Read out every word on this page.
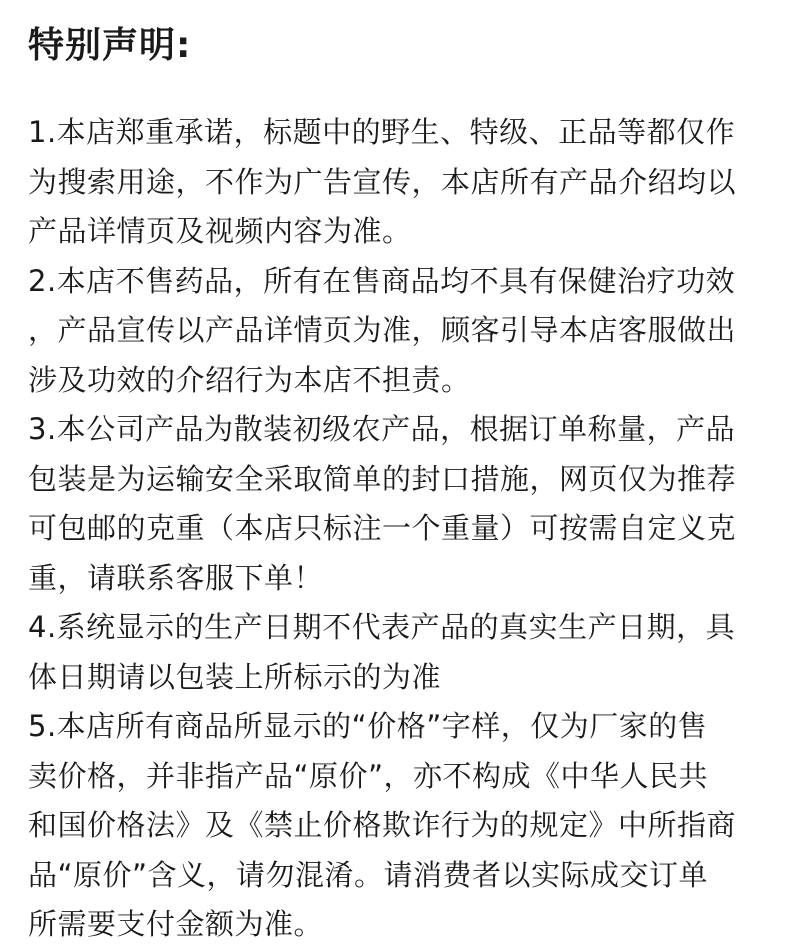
特别声明:
1.本店郑重承诺，标题中的野生、特级、正品等都仅作
为搜索用途，不作为广告宣传，本店所有产品介绍均以
产品详情页及视频内容为准。
2.本店不售药品，所有在售商品均不具有保健治疗功效
，产品宣传以产品详情页为准，顾客引导本店客服做出
涉及功效的介绍行为本店不担责。
3.本公司产品为散装初级农产品，根据订单称量，产品
包装是为运输安全采取简单的封口措施，网页仅为推荐
可包邮的克重（本店只标注一个重量）可按需自定义克
重，请联系客服下单！
4.系统显示的生产日期不代表产品的真实生产日期，具
体日期请以包装上所标示的为准
5.本店所有商品所显示的“价格”字样，仅为厂家的售
卖价格，并非指产品“原价”，亦不构成《中华人民共
和国价格法》及《禁止价格欺诈行为的规定》中所指商
品“原价”含义，请勿混淆。请消费者以实际成交订单
所需要支付金额为准。
